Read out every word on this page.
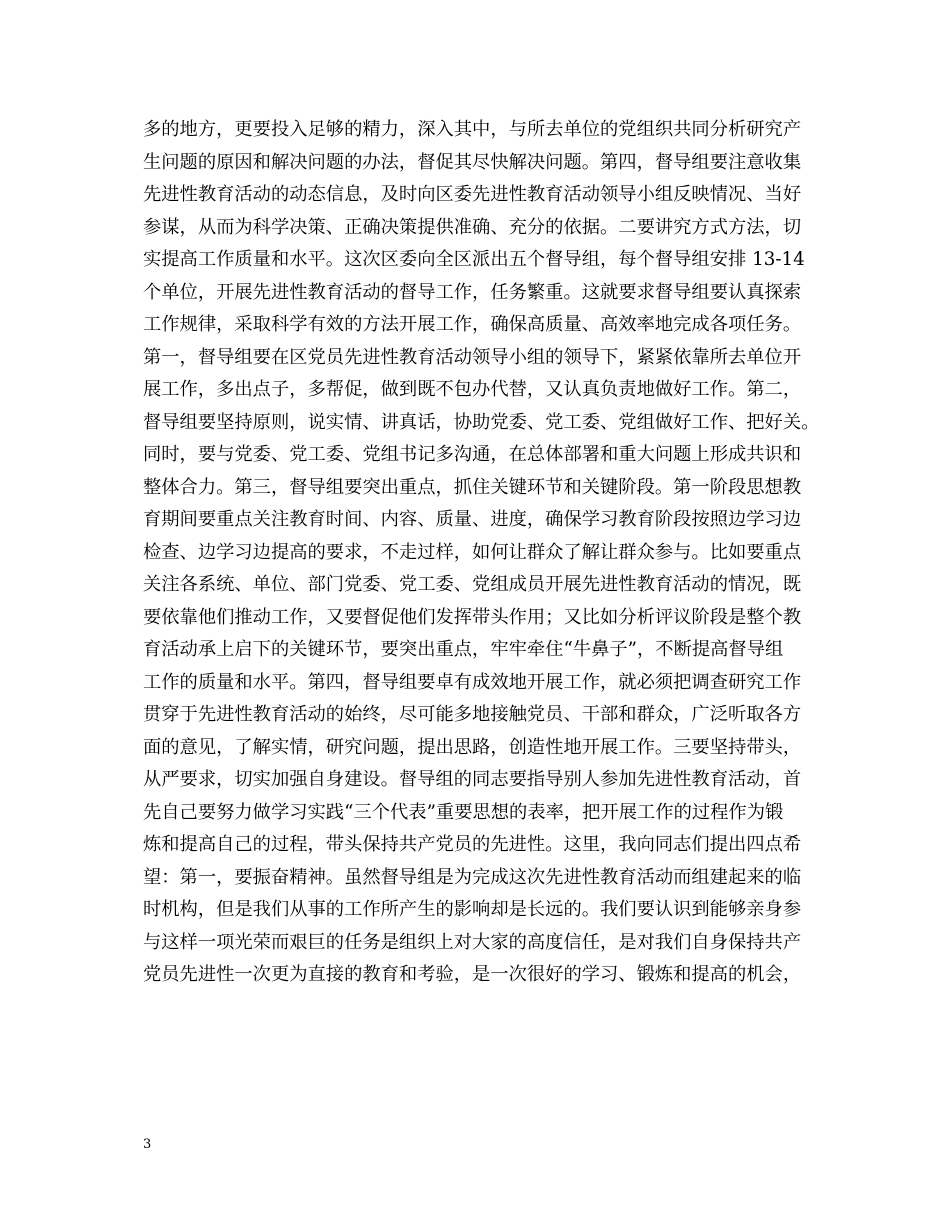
多的地方，更要投入足够的精力，深入其中，与所去单位的党组织共同分析研究产
生问题的原因和解决问题的办法，督促其尽快解决问题。第四，督导组要注意收集
先进性教育活动的动态信息，及时向区委先进性教育活动领导小组反映情况、当好
参谋，从而为科学决策、正确决策提供准确、充分的依据。二要讲究方式方法，切
实提高工作质量和水平。这次区委向全区派出五个督导组，每个督导组安排 13-14
个单位，开展先进性教育活动的督导工作，任务繁重。这就要求督导组要认真探索
工作规律，采取科学有效的方法开展工作，确保高质量、高效率地完成各项任务。
第一，督导组要在区党员先进性教育活动领导小组的领导下，紧紧依靠所去单位开
展工作，多出点子，多帮促，做到既不包办代替，又认真负责地做好工作。第二，
督导组要坚持原则，说实情、讲真话，协助党委、党工委、党组做好工作、把好关。
同时，要与党委、党工委、党组书记多沟通，在总体部署和重大问题上形成共识和
整体合力。第三，督导组要突出重点，抓住关键环节和关键阶段。第一阶段思想教
育期间要重点关注教育时间、内容、质量、进度，确保学习教育阶段按照边学习边
检查、边学习边提高的要求，不走过样，如何让群众了解让群众参与。比如要重点
关注各系统、单位、部门党委、党工委、党组成员开展先进性教育活动的情况，既
要依靠他们推动工作，又要督促他们发挥带头作用；又比如分析评议阶段是整个教
育活动承上启下的关键环节，要突出重点，牢牢牵住“牛鼻子”，不断提高督导组
工作的质量和水平。第四，督导组要卓有成效地开展工作，就必须把调查研究工作
贯穿于先进性教育活动的始终，尽可能多地接触党员、干部和群众，广泛听取各方
面的意见，了解实情，研究问题，提出思路，创造性地开展工作。三要坚持带头，
从严要求，切实加强自身建设。督导组的同志要指导别人参加先进性教育活动，首
先自己要努力做学习实践“三个代表”重要思想的表率，把开展工作的过程作为锻
炼和提高自己的过程，带头保持共产党员的先进性。这里，我向同志们提出四点希
望：第一，要振奋精神。虽然督导组是为完成这次先进性教育活动而组建起来的临
时机构，但是我们从事的工作所产生的影响却是长远的。我们要认识到能够亲身参
与这样一项光荣而艰巨的任务是组织上对大家的高度信任，是对我们自身保持共产
党员先进性一次更为直接的教育和考验，是一次很好的学习、锻炼和提高的机会，
3
